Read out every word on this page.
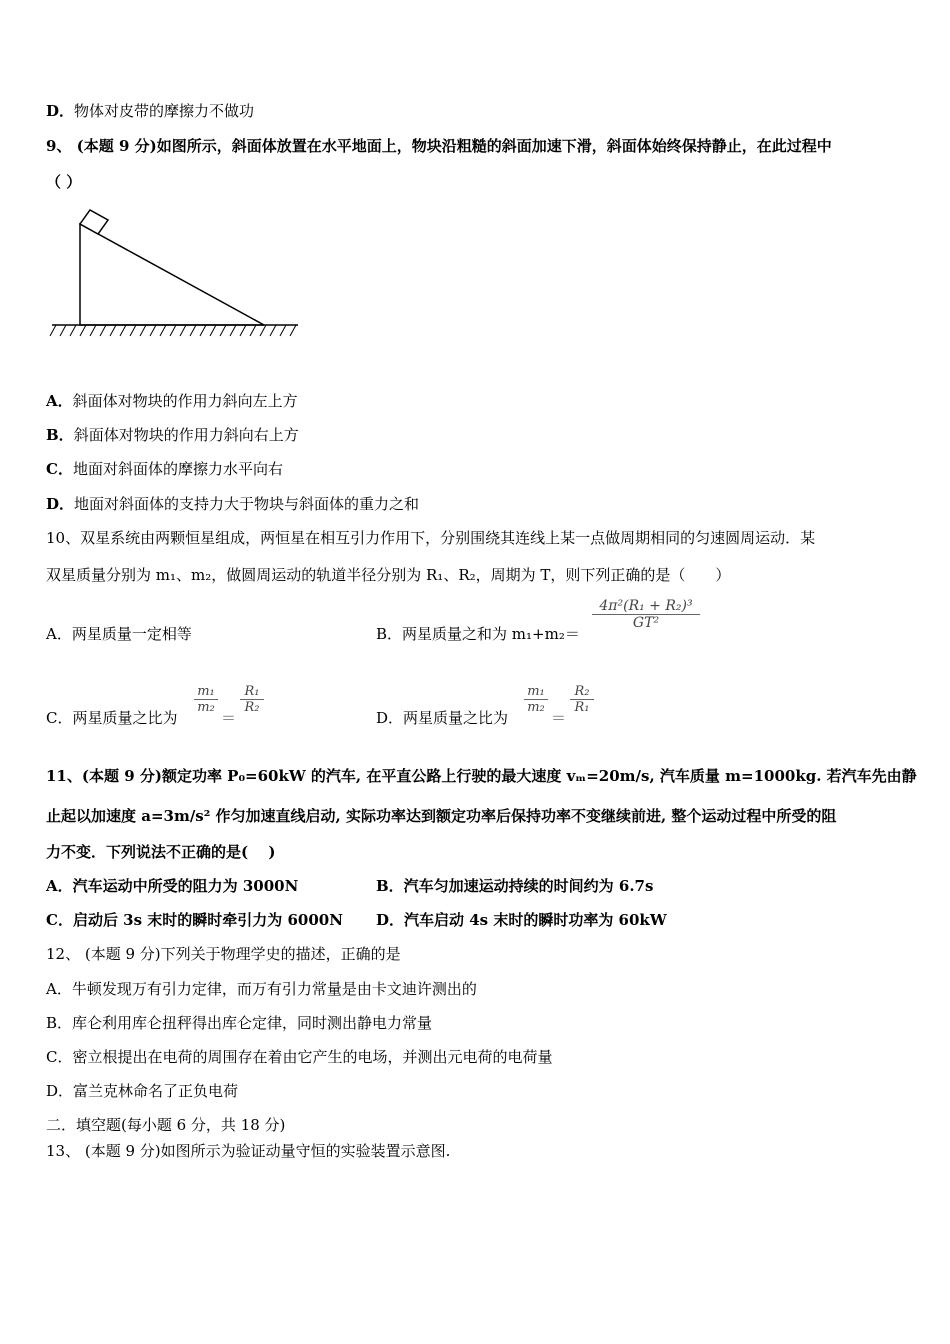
D．物体对皮带的摩擦力不做功
9、 (本题 9 分)如图所示，斜面体放置在水平地面上，物块沿粗糙的斜面加速下滑，斜面体始终保持静止，在此过程中
（ ）
A．斜面体对物块的作用力斜向左上方
B．斜面体对物块的作用力斜向右上方
C．地面对斜面体的摩擦力水平向右
D．地面对斜面体的支持力大于物块与斜面体的重力之和
10、双星系统由两颗恒星组成，两恒星在相互引力作用下，分别围绕其连线上某一点做周期相同的匀速圆周运动．某
双星质量分别为 m₁、m₂，做圆周运动的轨道半径分别为 R₁、R₂，周期为 T，则下列正确的是（　　）
A．两星质量一定相等	B．两星质量之和为 m₁+m₂＝
$\frac{\text{4π²(R₁ + R₂)³}}{\text{GT²}}$
C．两星质量之比为
$\frac{\text{m₁}}{\text{m₂}}$
＝
$\frac{\text{R₁}}{\text{R₂}}$
D．两星质量之比为
$\frac{\text{m₁}}{\text{m₂}}$
＝
$\frac{\text{R₂}}{\text{R₁}}$
11、(本题 9 分)额定功率 P₀=60kW 的汽车, 在平直公路上行驶的最大速度 vₘ=20m/s, 汽车质量 m=1000kg. 若汽车先由静
止起以加速度 a=3m/s² 作匀加速直线启动, 实际功率达到额定功率后保持功率不变继续前进, 整个运动过程中所受的阻
力不变．下列说法不正确的是(　 )
A．汽车运动中所受的阻力为 3000N	B．汽车匀加速运动持续的时间约为 6.7s
C．启动后 3s 末时的瞬时牵引力为 6000N D．汽车启动 4s 末时的瞬时功率为 60kW
12、 (本题 9 分)下列关于物理学史的描述，正确的是
A．牛顿发现万有引力定律，而万有引力常量是由卡文迪许测出的
B．库仑利用库仑扭秤得出库仑定律，同时测出静电力常量
C．密立根提出在电荷的周围存在着由它产生的电场，并测出元电荷的电荷量
D．富兰克林命名了正负电荷
二．填空题(每小题 6 分，共 18 分)
13、 (本题 9 分)如图所示为验证动量守恒的实验装置示意图.
